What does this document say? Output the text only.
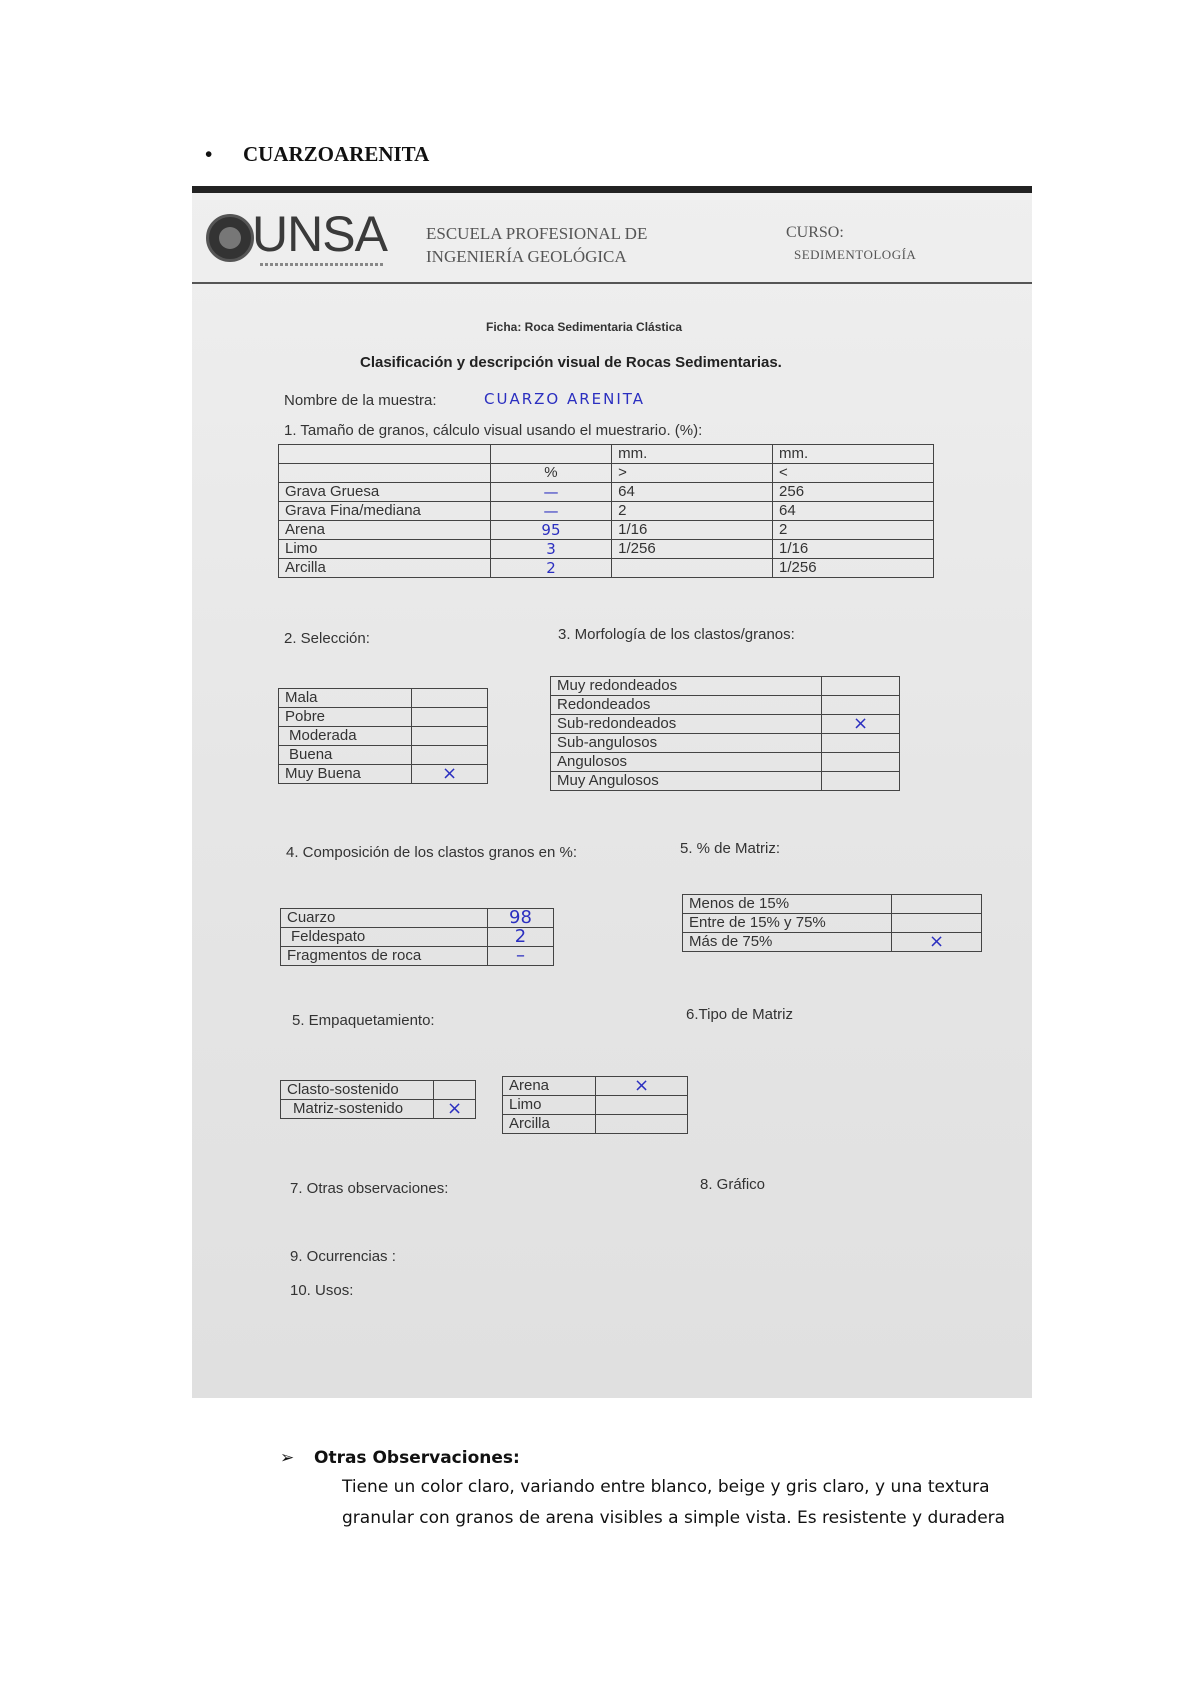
• CUARZOARENITA
UNSA ESCUELA PROFESIONAL DE
INGENIERÍA GEOLÓGICA
CURSO:
SEDIMENTOLOGÍA
Ficha: Roca Sedimentaria Clástica
Clasificación y descripción visual de Rocas Sedimentarias.
Nombre de la muestra:	CUARZO ARENITA
1. Tamaño de granos, cálculo visual usando el muestrario. (%):
		mm.	mm.
	%	>	<
Grava Gruesa	—	64	256
Grava Fina/mediana	—	2	64
Arena	95	1/16	2
Limo	3	1/256	1/16
Arcilla	2		1/256
2. Selección:	3. Morfología de los clastos/granos:
Mala	
Pobre	
Moderada	
Buena	
Muy Buena	×
Muy redondeados	
Redondeados	
Sub-redondeados	×
Sub-angulosos	
Angulosos	
Muy Angulosos	
4. Composición de los clastos granos en %:	5. % de Matriz:
Cuarzo	98
Feldespato	2
Fragmentos de roca	–
Menos de 15%	
Entre de 15% y 75%	
Más de 75%	×
5. Empaquetamiento:	6.Tipo de Matriz
Clasto-sostenido	
Matriz-sostenido	×
Arena	×
Limo	
Arcilla	
7. Otras observaciones:	8. Gráfico
9. Ocurrencias :
10. Usos:
➢ Otras Observaciones:
Tiene un color claro, variando entre blanco, beige y gris claro, y una textura granular con granos de arena visibles a simple vista. Es resistente y duradera
